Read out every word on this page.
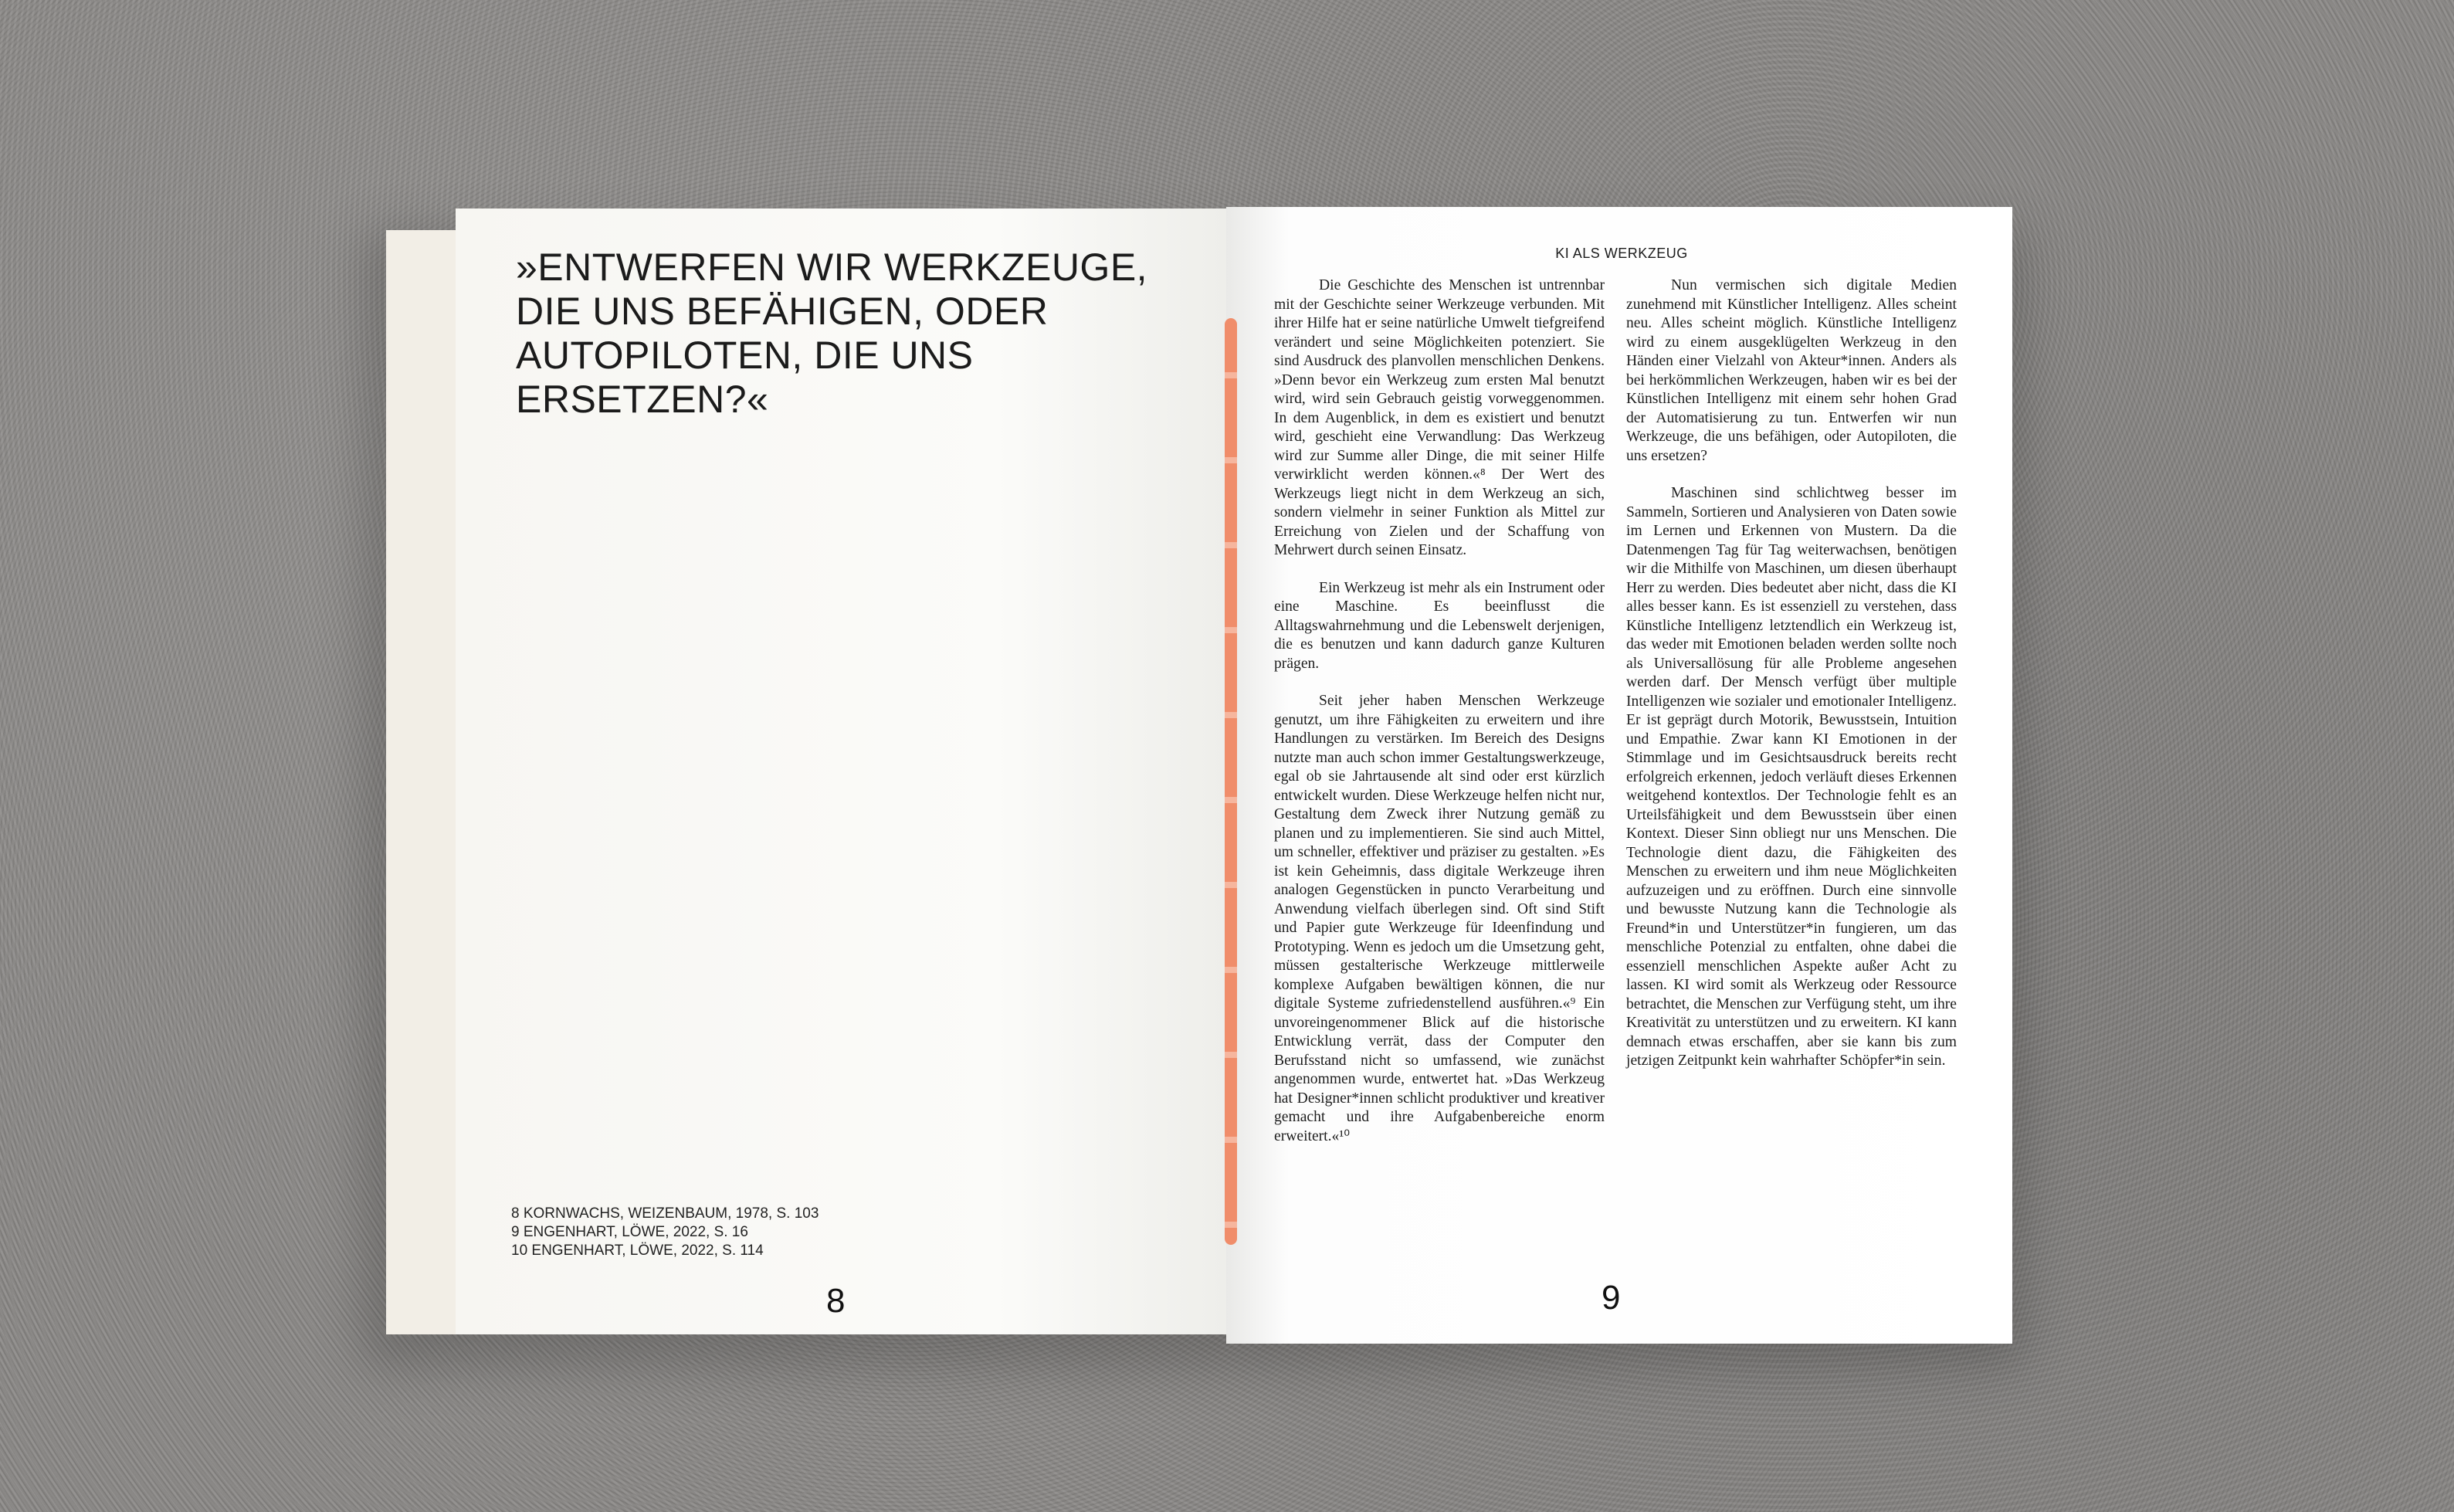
»ENTWERFEN WIR WERKZEUGE, DIE UNS BEFÄHIGEN, ODER AUTOPILOTEN, DIE UNS ERSETZEN?«
8 KORNWACHS, WEIZENBAUM, 1978, S. 103
9 ENGENHART, LÖWE, 2022, S. 16
10 ENGENHART, LÖWE, 2022, S. 114
8
KI ALS WERKZEUG

Die Geschichte des Menschen ist untrennbar mit der Geschichte seiner Werkzeuge verbunden. Mit ihrer Hilfe hat er seine natürliche Umwelt tiefgreifend verändert und seine Möglichkeiten potenziert. Sie sind Ausdruck des planvollen menschlichen Denkens. »Denn bevor ein Werkzeug zum ersten Mal benutzt wird, wird sein Gebrauch geistig vorweggenommen. In dem Augenblick, in dem es existiert und benutzt wird, geschieht eine Verwandlung: Das Werkzeug wird zur Summe aller Dinge, die mit seiner Hilfe verwirklicht werden können.«⁸ Der Wert des Werkzeugs liegt nicht in dem Werkzeug an sich, sondern vielmehr in seiner Funktion als Mittel zur Erreichung von Zielen und der Schaffung von Mehrwert durch seinen Einsatz.

Ein Werkzeug ist mehr als ein Instrument oder eine Maschine. Es beeinflusst die Alltagswahrnehmung und die Lebenswelt derjenigen, die es benutzen und kann dadurch ganze Kulturen prägen.

Seit jeher haben Menschen Werkzeuge genutzt, um ihre Fähigkeiten zu erweitern und ihre Handlungen zu verstärken. Im Bereich des Designs nutzte man auch schon immer Gestaltungswerkzeuge, egal ob sie Jahrtausende alt sind oder erst kürzlich entwickelt wurden. Diese Werkzeuge helfen nicht nur, Gestaltung dem Zweck ihrer Nutzung gemäß zu planen und zu implementieren. Sie sind auch Mittel, um schneller, effektiver und präziser zu gestalten. »Es ist kein Geheimnis, dass digitale Werkzeuge ihren analogen Gegenstücken in puncto Verarbeitung und Anwendung vielfach überlegen sind. Oft sind Stift und Papier gute Werkzeuge für Ideenfindung und Prototyping. Wenn es jedoch um die Umsetzung geht, müssen gestalterische Werkzeuge mittlerweile komplexe Aufgaben bewältigen können, die nur digitale Systeme zufriedenstellend ausführen.«⁹ Ein unvoreingenommener Blick auf die historische Entwicklung verrät, dass der Computer den Berufsstand nicht so umfassend, wie zunächst angenommen wurde, entwertet hat. »Das Werkzeug hat Designer*innen schlicht produktiver und kreativer gemacht und ihre Aufgabenbereiche enorm erweitert.«¹⁰

Nun vermischen sich digitale Medien zunehmend mit Künstlicher Intelligenz. Alles scheint neu. Alles scheint möglich. Künstliche Intelligenz wird zu einem ausgeklügelten Werkzeug in den Händen einer Vielzahl von Akteur*innen. Anders als bei herkömmlichen Werkzeugen, haben wir es bei der Künstlichen Intelligenz mit einem sehr hohen Grad der Automatisierung zu tun. Entwerfen wir nun Werkzeuge, die uns befähigen, oder Autopiloten, die uns ersetzen?

Maschinen sind schlichtweg besser im Sammeln, Sortieren und Analysieren von Daten sowie im Lernen und Erkennen von Mustern. Da die Datenmengen Tag für Tag weiterwachsen, benötigen wir die Mithilfe von Maschinen, um diesen überhaupt Herr zu werden. Dies bedeutet aber nicht, dass die KI alles besser kann. Es ist essenziell zu verstehen, dass Künstliche Intelligenz letztendlich ein Werkzeug ist, das weder mit Emotionen beladen werden sollte noch als Universallösung für alle Probleme angesehen werden darf. Der Mensch verfügt über multiple Intelligenzen wie sozialer und emotionaler Intelligenz. Er ist geprägt durch Motorik, Bewusstsein, Intuition und Empathie. Zwar kann KI Emotionen in der Stimmlage und im Gesichtsausdruck bereits recht erfolgreich erkennen, jedoch verläuft dieses Erkennen weitgehend kontextlos. Der Technologie fehlt es an Urteilsfähigkeit und dem Bewusstsein über einen Kontext. Dieser Sinn obliegt nur uns Menschen. Die Technologie dient dazu, die Fähigkeiten des Menschen zu erweitern und ihm neue Möglichkeiten aufzuzeigen und zu eröffnen. Durch eine sinnvolle und bewusste Nutzung kann die Technologie als Freund*in und Unterstützer*in fungieren, um das menschliche Potenzial zu entfalten, ohne dabei die essenziell menschlichen Aspekte außer Acht zu lassen. KI wird somit als Werkzeug oder Ressource betrachtet, die Menschen zur Verfügung steht, um ihre Kreativität zu unterstützen und zu erweitern. KI kann demnach etwas erschaffen, aber sie kann bis zum jetzigen Zeitpunkt kein wahrhafter Schöpfer*in sein.

9
